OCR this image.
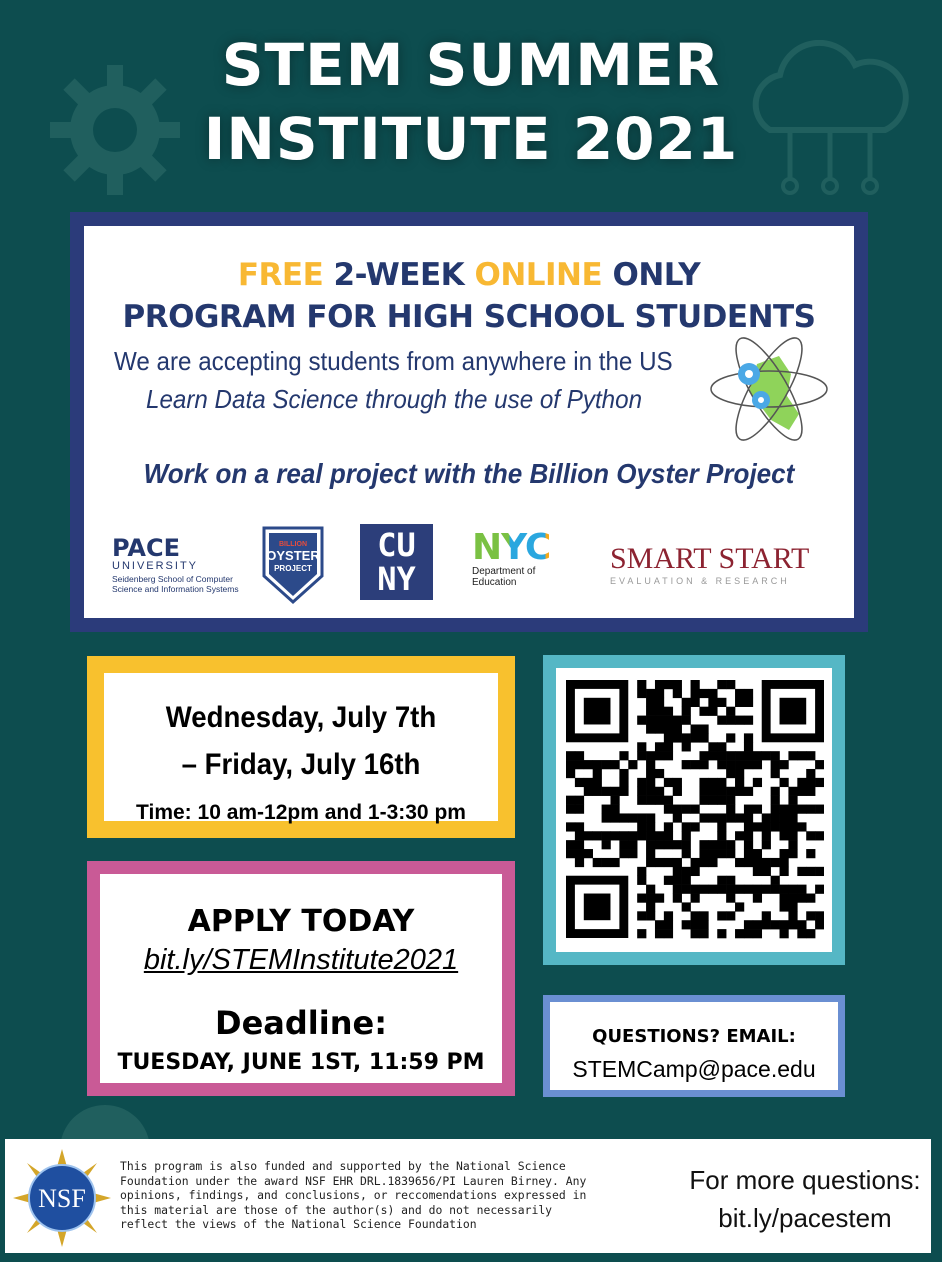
STEM SUMMER
INSTITUTE 2021
FREE 2-WEEK ONLINE ONLY
PROGRAM FOR HIGH SCHOOL STUDENTS
We are accepting students from anywhere in the US
Learn Data Science through the use of Python
Work on a real project with the Billion Oyster Project
PACE
UNIVERSITY
Seidenberg School of Computer
Science and Information Systems
BILLION
OYSTER
PROJECT
CU
NY
NYC
Department of
Education
SMART START
EVALUATION & RESEARCH
Wednesday, July 7th
– Friday, July 16th
Time: 10 am-12pm and 1-3:30 pm
APPLY TODAY
bit.ly/STEMInstitute2021
Deadline:
TUESDAY, JUNE 1ST, 11:59 PM
QUESTIONS? EMAIL:
STEMCamp@pace.edu
NSF
This program is also funded and supported by the National Science
Foundation under the award NSF EHR DRL.1839656/PI Lauren Birney. Any
opinions, findings, and conclusions, or reccomendations expressed in
this material are those of the author(s) and do not necessarily
reflect the views of the National Science Foundation
For more questions:
bit.ly/pacestem
